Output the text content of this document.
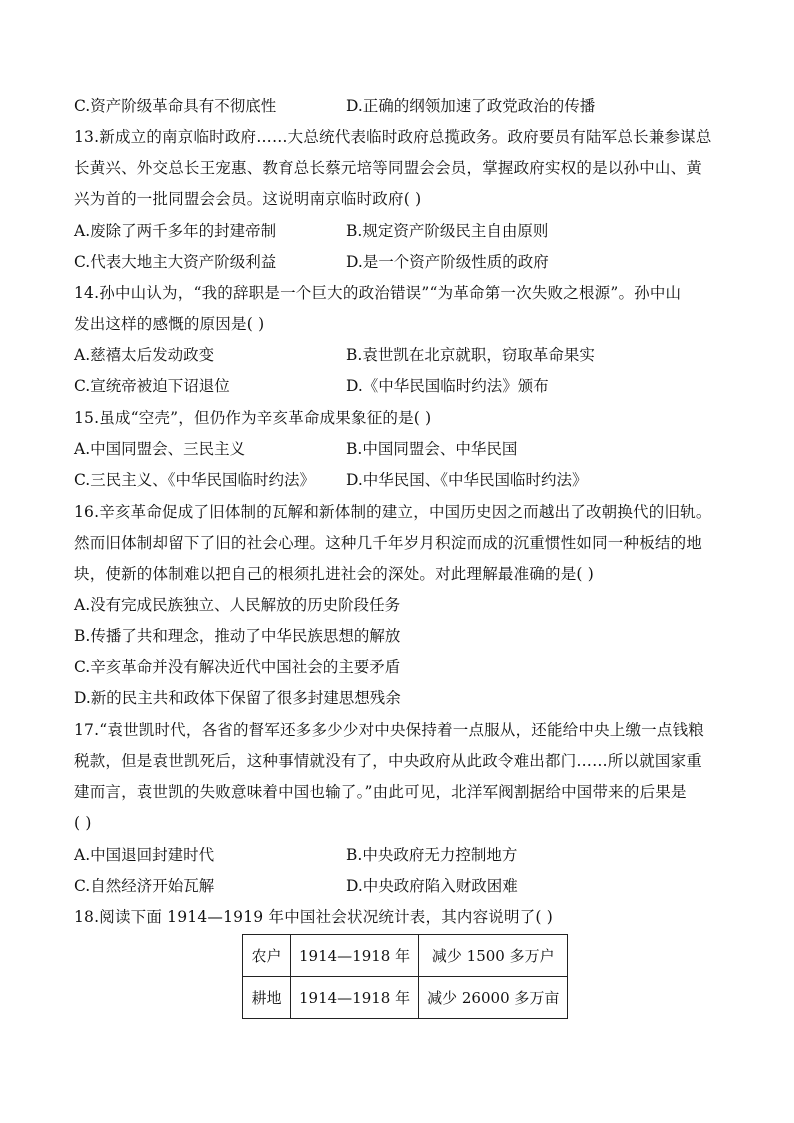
C.资产阶级革命具有不彻底性	D.正确的纲领加速了政党政治的传播
13.新成立的南京临时政府……大总统代表临时政府总揽政务。政府要员有陆军总长兼参谋总
长黄兴、外交总长王宠惠、教育总长蔡元培等同盟会会员，掌握政府实权的是以孙中山、黄
兴为首的一批同盟会会员。这说明南京临时政府( )
A.废除了两千多年的封建帝制	B.规定资产阶级民主自由原则
C.代表大地主大资产阶级利益	D.是一个资产阶级性质的政府
14.孙中山认为，“我的辞职是一个巨大的政治错误”“为革命第一次失败之根源”。孙中山
发出这样的感慨的原因是( )
A.慈禧太后发动政变	B.袁世凯在北京就职，窃取革命果实
C.宣统帝被迫下诏退位	D.《中华民国临时约法》颁布
15.虽成“空壳”，但仍作为辛亥革命成果象征的是( )
A.中国同盟会、三民主义	B.中国同盟会、中华民国
C.三民主义、《中华民国临时约法》 D.中华民国、《中华民国临时约法》
16.辛亥革命促成了旧体制的瓦解和新体制的建立，中国历史因之而越出了改朝换代的旧轨。
然而旧体制却留下了旧的社会心理。这种几千年岁月积淀而成的沉重惯性如同一种板结的地
块，使新的体制难以把自己的根须扎进社会的深处。对此理解最准确的是( )
A.没有完成民族独立、人民解放的历史阶段任务
B.传播了共和理念，推动了中华民族思想的解放
C.辛亥革命并没有解决近代中国社会的主要矛盾
D.新的民主共和政体下保留了很多封建思想残余
17.“袁世凯时代，各省的督军还多多少少对中央保持着一点服从，还能给中央上缴一点钱粮
税款，但是袁世凯死后，这种事情就没有了，中央政府从此政令难出都门……所以就国家重
建而言，袁世凯的失败意味着中国也输了。”由此可见，北洋军阀割据给中国带来的后果是
( )
A.中国退回封建时代	B.中央政府无力控制地方
C.自然经济开始瓦解	D.中央政府陷入财政困难
18.阅读下面 1914—1919 年中国社会状况统计表，其内容说明了( )
农户	1914—1918 年	减少 1500 多万户
耕地	1914—1918 年	减少 26000 多万亩
